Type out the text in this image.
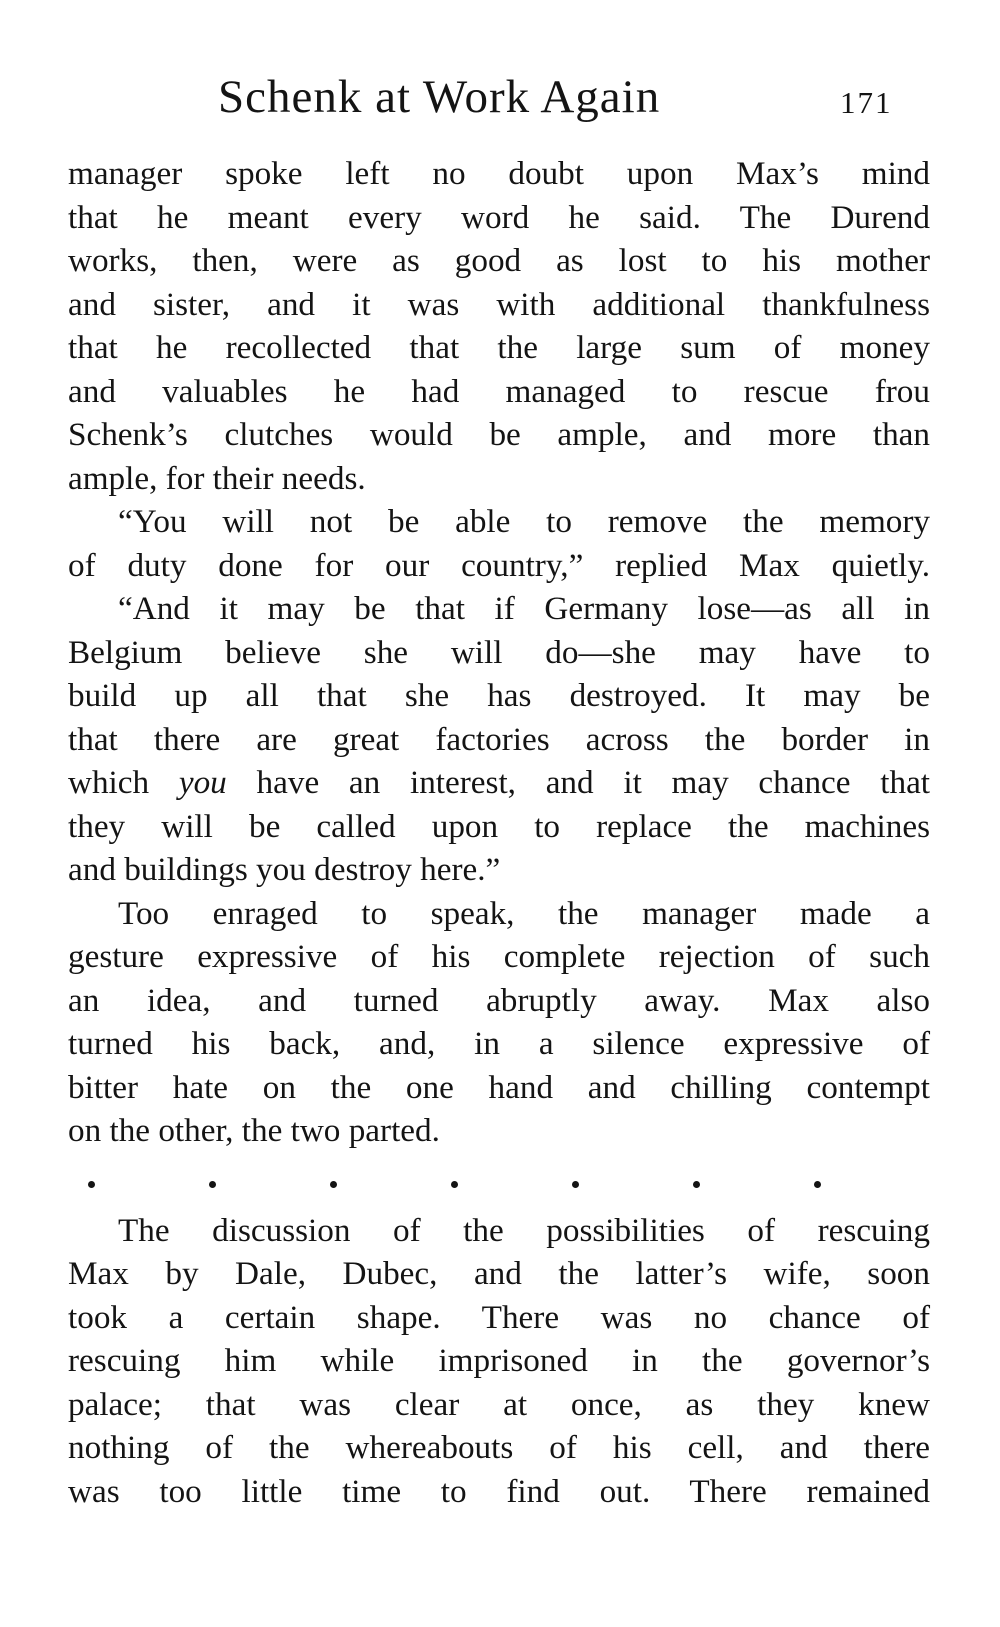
Schenk at Work Again	171
manager spoke left no doubt upon Max’s mind
that he meant every word he said. The Durend
works, then, were as good as lost to his mother
and sister, and it was with additional thankfulness
that he recollected that the large sum of money
and valuables he had managed to rescue frou
Schenk’s clutches would be ample, and more than
ample, for their needs.
“You will not be able to remove the memory
of duty done for our country,” replied Max quietly.
“And it may be that if Germany lose—as all in
Belgium believe she will do—she may have to
build up all that she has destroyed. It may be
that there are great factories across the border in
which you have an interest, and it may chance that
they will be called upon to replace the machines
and buildings you destroy here.”
Too enraged to speak, the manager made a
gesture expressive of his complete rejection of such
an idea, and turned abruptly away. Max also
turned his back, and, in a silence expressive of
bitter hate on the one hand and chilling contempt
on the other, the two parted.
The discussion of the possibilities of rescuing
Max by Dale, Dubec, and the latter’s wife, soon
took a certain shape. There was no chance of
rescuing him while imprisoned in the governor’s
palace; that was clear at once, as they knew
nothing of the whereabouts of his cell, and there
was too little time to find out. There remained
